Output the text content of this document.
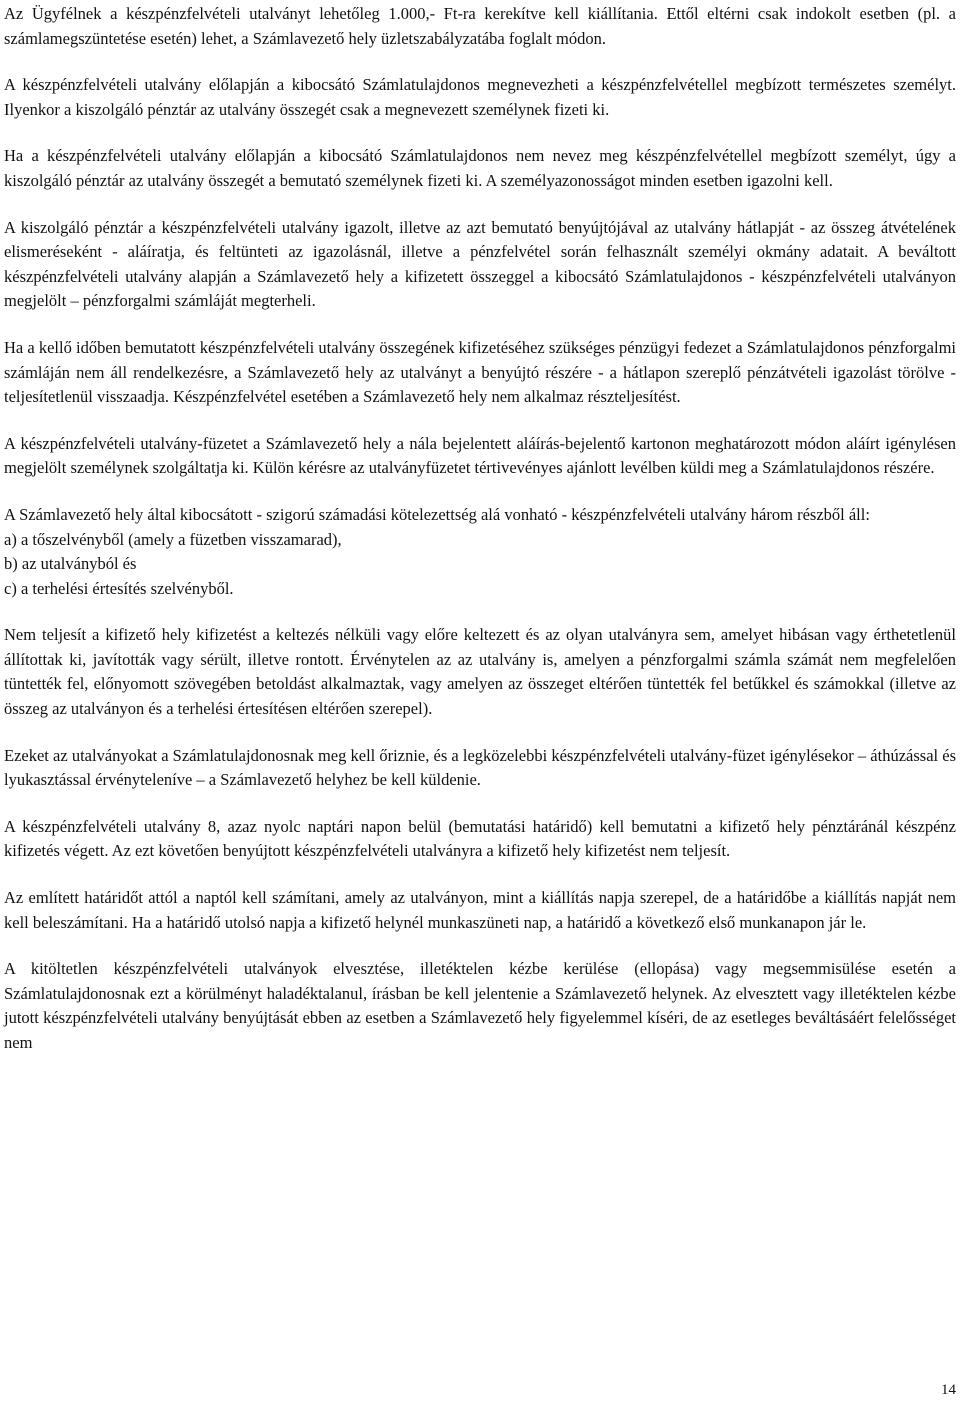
Az Ügyfélnek a készpénzfelvételi utalványt lehetőleg 1.000,- Ft-ra kerekítve kell kiállítania. Ettől eltérni csak indokolt esetben (pl. a számlamegszüntetése esetén) lehet, a Számlavezető hely üzletszabályzatába foglalt módon.

A készpénzfelvételi utalvány előlapján a kibocsátó Számlatulajdonos megnevezheti a készpénzfelvétellel megbízott természetes személyt. Ilyenkor a kiszolgáló pénztár az utalvány összegét csak a megnevezett személynek fizeti ki.

Ha a készpénzfelvételi utalvány előlapján a kibocsátó Számlatulajdonos nem nevez meg készpénzfelvétellel megbízott személyt, úgy a kiszolgáló pénztár az utalvány összegét a bemutató személynek fizeti ki. A személyazonosságot minden esetben igazolni kell.

A kiszolgáló pénztár a készpénzfelvételi utalvány igazolt, illetve az azt bemutató benyújtójával az utalvány hátlapját - az összeg átvételének elismeréseként - aláíratja, és feltünteti az igazolásnál, illetve a pénzfelvétel során felhasznált személyi okmány adatait. A beváltott készpénzfelvételi utalvány alapján a Számlavezető hely a kifizetett összeggel a kibocsátó Számlatulajdonos - készpénzfelvételi utalványon megjelölt – pénzforgalmi számláját megterheli.

Ha a kellő időben bemutatott készpénzfelvételi utalvány összegének kifizetéséhez szükséges pénzügyi fedezet a Számlatulajdonos pénzforgalmi számláján nem áll rendelkezésre, a Számlavezető hely az utalványt a benyújtó részére - a hátlapon szereplő pénzátvételi igazolást törölve - teljesítetlenül visszaadja. Készpénzfelvétel esetében a Számlavezető hely nem alkalmaz részteljesítést.

A készpénzfelvételi utalvány-füzetet a Számlavezető hely a nála bejelentett aláírás-bejelentő kartonon meghatározott módon aláírt igénylésen megjelölt személynek szolgáltatja ki. Külön kérésre az utalványfüzetet tértivevényes ajánlott levélben küldi meg a Számlatulajdonos részére.

A Számlavezető hely által kibocsátott - szigorú számadási kötelezettség alá vonható - készpénzfelvételi utalvány három részből áll:

a) a tőszelvényből (amely a füzetben visszamarad),
b) az utalványból és
c) a terhelési értesítés szelvényből.

Nem teljesít a kifizető hely kifizetést a keltezés nélküli vagy előre keltezett és az olyan utalványra sem, amelyet hibásan vagy érthetetlenül állítottak ki, javították vagy sérült, illetve rontott. Érvénytelen az az utalvány is, amelyen a pénzforgalmi számla számát nem megfelelően tüntették fel, előnyomott szövegében betoldást alkalmaztak, vagy amelyen az összeget eltérően tüntették fel betűkkel és számokkal (illetve az összeg az utalványon és a terhelési értesítésen eltérően szerepel).

Ezeket az utalványokat a Számlatulajdonosnak meg kell őriznie, és a legközelebbi készpénzfelvételi utalvány-füzet igénylésekor – áthúzással és lyukasztással érvényteleníve – a Számlavezető helyhez be kell küldenie.

A készpénzfelvételi utalvány 8, azaz nyolc naptári napon belül (bemutatási határidő) kell bemutatni a kifizető hely pénztáránál készpénz kifizetés végett. Az ezt követően benyújtott készpénzfelvételi utalványra a kifizető hely kifizetést nem teljesít.

Az említett határidőt attól a naptól kell számítani, amely az utalványon, mint a kiállítás napja szerepel, de a határidőbe a kiállítás napját nem kell beleszámítani. Ha a határidő utolsó napja a kifizető helynél munkaszüneti nap, a határidő a következő első munkanapon jár le.

A kitöltetlen készpénzfelvételi utalványok elvesztése, illetéktelen kézbe kerülése (ellopása) vagy megsemmisülése esetén a Számlatulajdonosnak ezt a körülményt haladéktalanul, írásban be kell jelentenie a Számlavezető helynek. Az elvesztett vagy illetéktelen kézbe jutott készpénzfelvételi utalvány benyújtását ebben az esetben a Számlavezető hely figyelemmel kíséri, de az esetleges beváltásáért felelősséget nem

14
